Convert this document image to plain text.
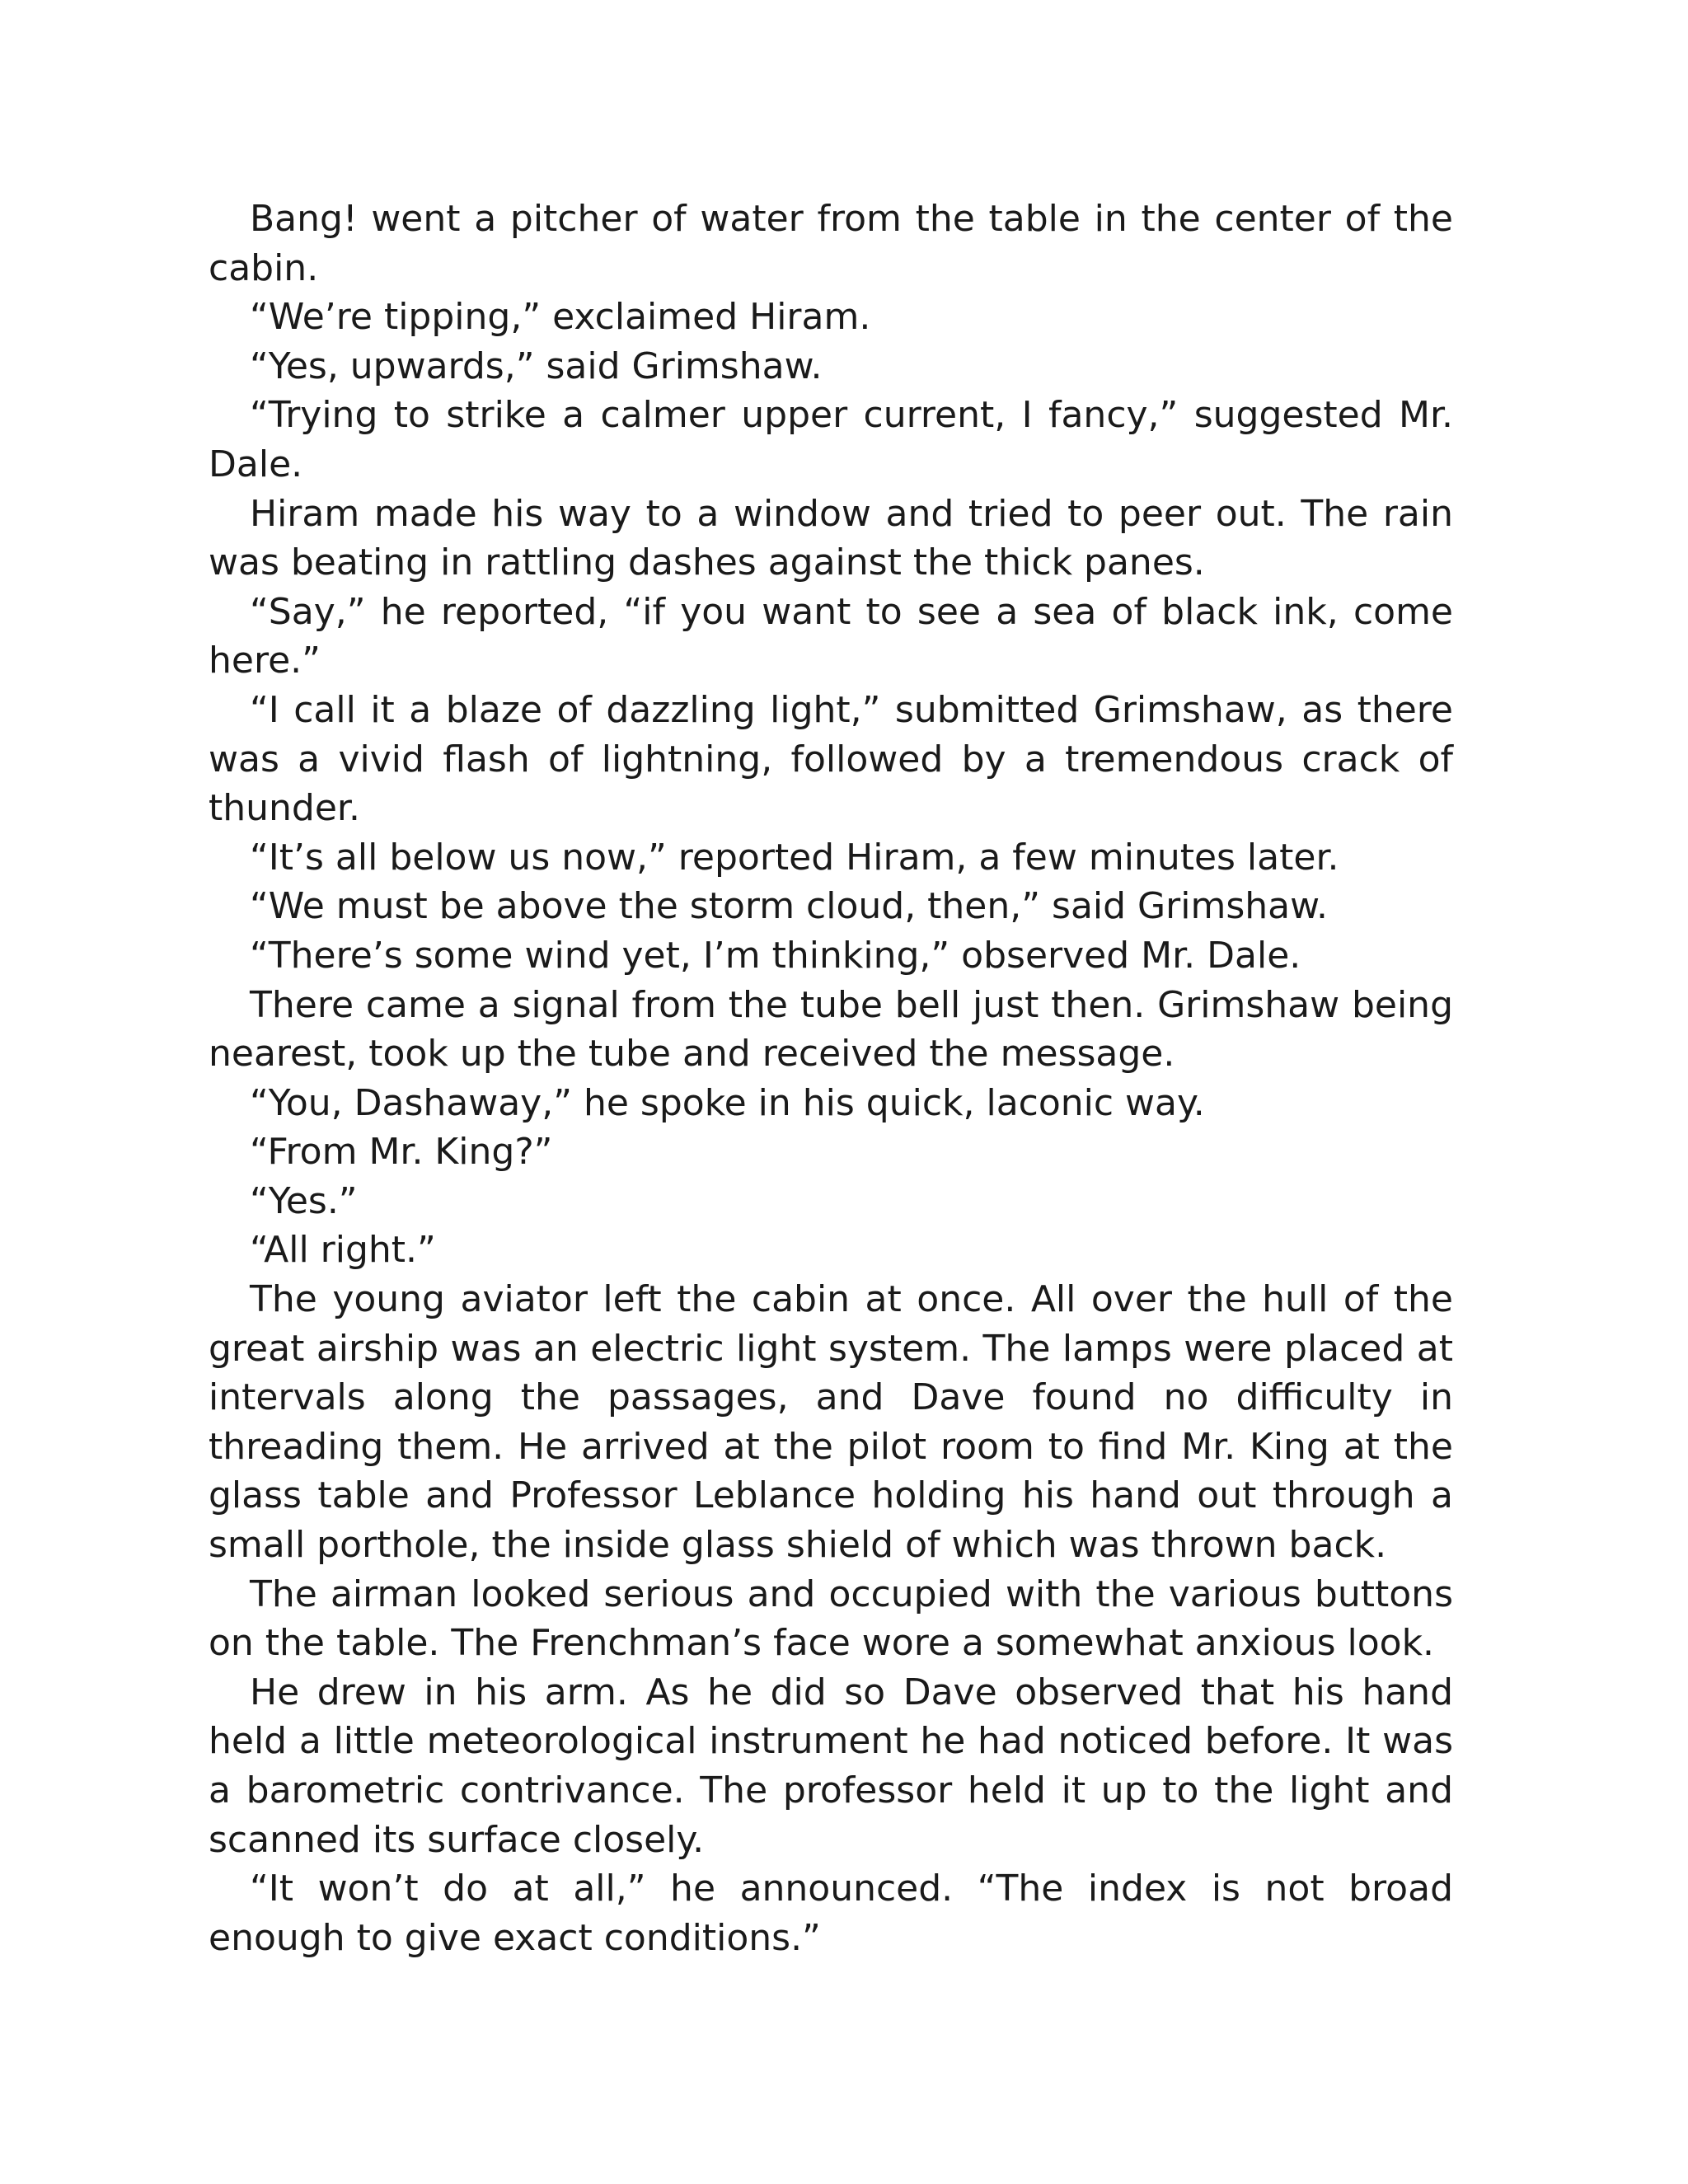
Bang! went a pitcher of water from the table in the center of the cabin.

“We’re tipping,” exclaimed Hiram.

“Yes, upwards,” said Grimshaw.

“Trying to strike a calmer upper current, I fancy,” suggested Mr. Dale.

Hiram made his way to a window and tried to peer out. The rain was beating in rattling dashes against the thick panes.

“Say,” he reported, “if you want to see a sea of black ink, come here.”

“I call it a blaze of dazzling light,” submitted Grimshaw, as there was a vivid flash of lightning, followed by a tremendous crack of thunder.

“It’s all below us now,” reported Hiram, a few minutes later.

“We must be above the storm cloud, then,” said Grimshaw.

“There’s some wind yet, I’m thinking,” observed Mr. Dale.

There came a signal from the tube bell just then. Grimshaw being nearest, took up the tube and received the message.

“You, Dashaway,” he spoke in his quick, laconic way.

“From Mr. King?”

“Yes.”

“All right.”

The young aviator left the cabin at once. All over the hull of the great airship was an electric light system. The lamps were placed at intervals along the passages, and Dave found no difficulty in threading them. He arrived at the pilot room to find Mr. King at the glass table and Professor Leblance holding his hand out through a small porthole, the inside glass shield of which was thrown back.

The airman looked serious and occupied with the various buttons on the table. The Frenchman’s face wore a somewhat anxious look.

He drew in his arm. As he did so Dave observed that his hand held a little meteorological instrument he had noticed before. It was a barometric contrivance. The professor held it up to the light and scanned its surface closely.

“It won’t do at all,” he announced. “The index is not broad enough to give exact conditions.”
